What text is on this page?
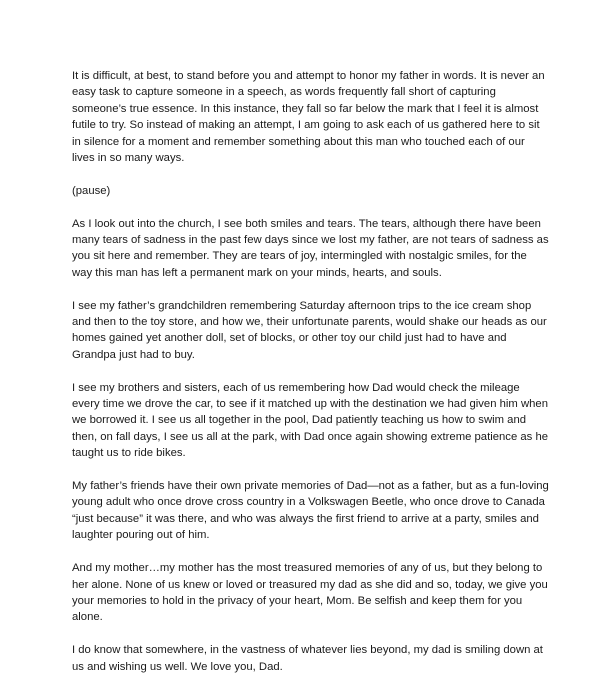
It is difficult, at best, to stand before you and attempt to honor my father in words. It is never an easy task to capture someone in a speech, as words frequently fall short of capturing someone’s true essence. In this instance, they fall so far below the mark that I feel it is almost futile to try. So instead of making an attempt, I am going to ask each of us gathered here to sit in silence for a moment and remember something about this man who touched each of our lives in so many ways.

(pause)

As I look out into the church, I see both smiles and tears. The tears, although there have been many tears of sadness in the past few days since we lost my father, are not tears of sadness as you sit here and remember. They are tears of joy, intermingled with nostalgic smiles, for the way this man has left a permanent mark on your minds, hearts, and souls.

I see my father’s grandchildren remembering Saturday afternoon trips to the ice cream shop and then to the toy store, and how we, their unfortunate parents, would shake our heads as our homes gained yet another doll, set of blocks, or other toy our child just had to have and Grandpa just had to buy.

I see my brothers and sisters, each of us remembering how Dad would check the mileage every time we drove the car, to see if it matched up with the destination we had given him when we borrowed it. I see us all together in the pool, Dad patiently teaching us how to swim and then, on fall days, I see us all at the park, with Dad once again showing extreme patience as he taught us to ride bikes.

My father’s friends have their own private memories of Dad—not as a father, but as a fun-loving young adult who once drove cross country in a Volkswagen Beetle, who once drove to Canada “just because” it was there, and who was always the first friend to arrive at a party, smiles and laughter pouring out of him.

And my mother…my mother has the most treasured memories of any of us, but they belong to her alone. None of us knew or loved or treasured my dad as she did and so, today, we give you your memories to hold in the privacy of your heart, Mom. Be selfish and keep them for you alone.

I do know that somewhere, in the vastness of whatever lies beyond, my dad is smiling down at us and wishing us well. We love you, Dad.
